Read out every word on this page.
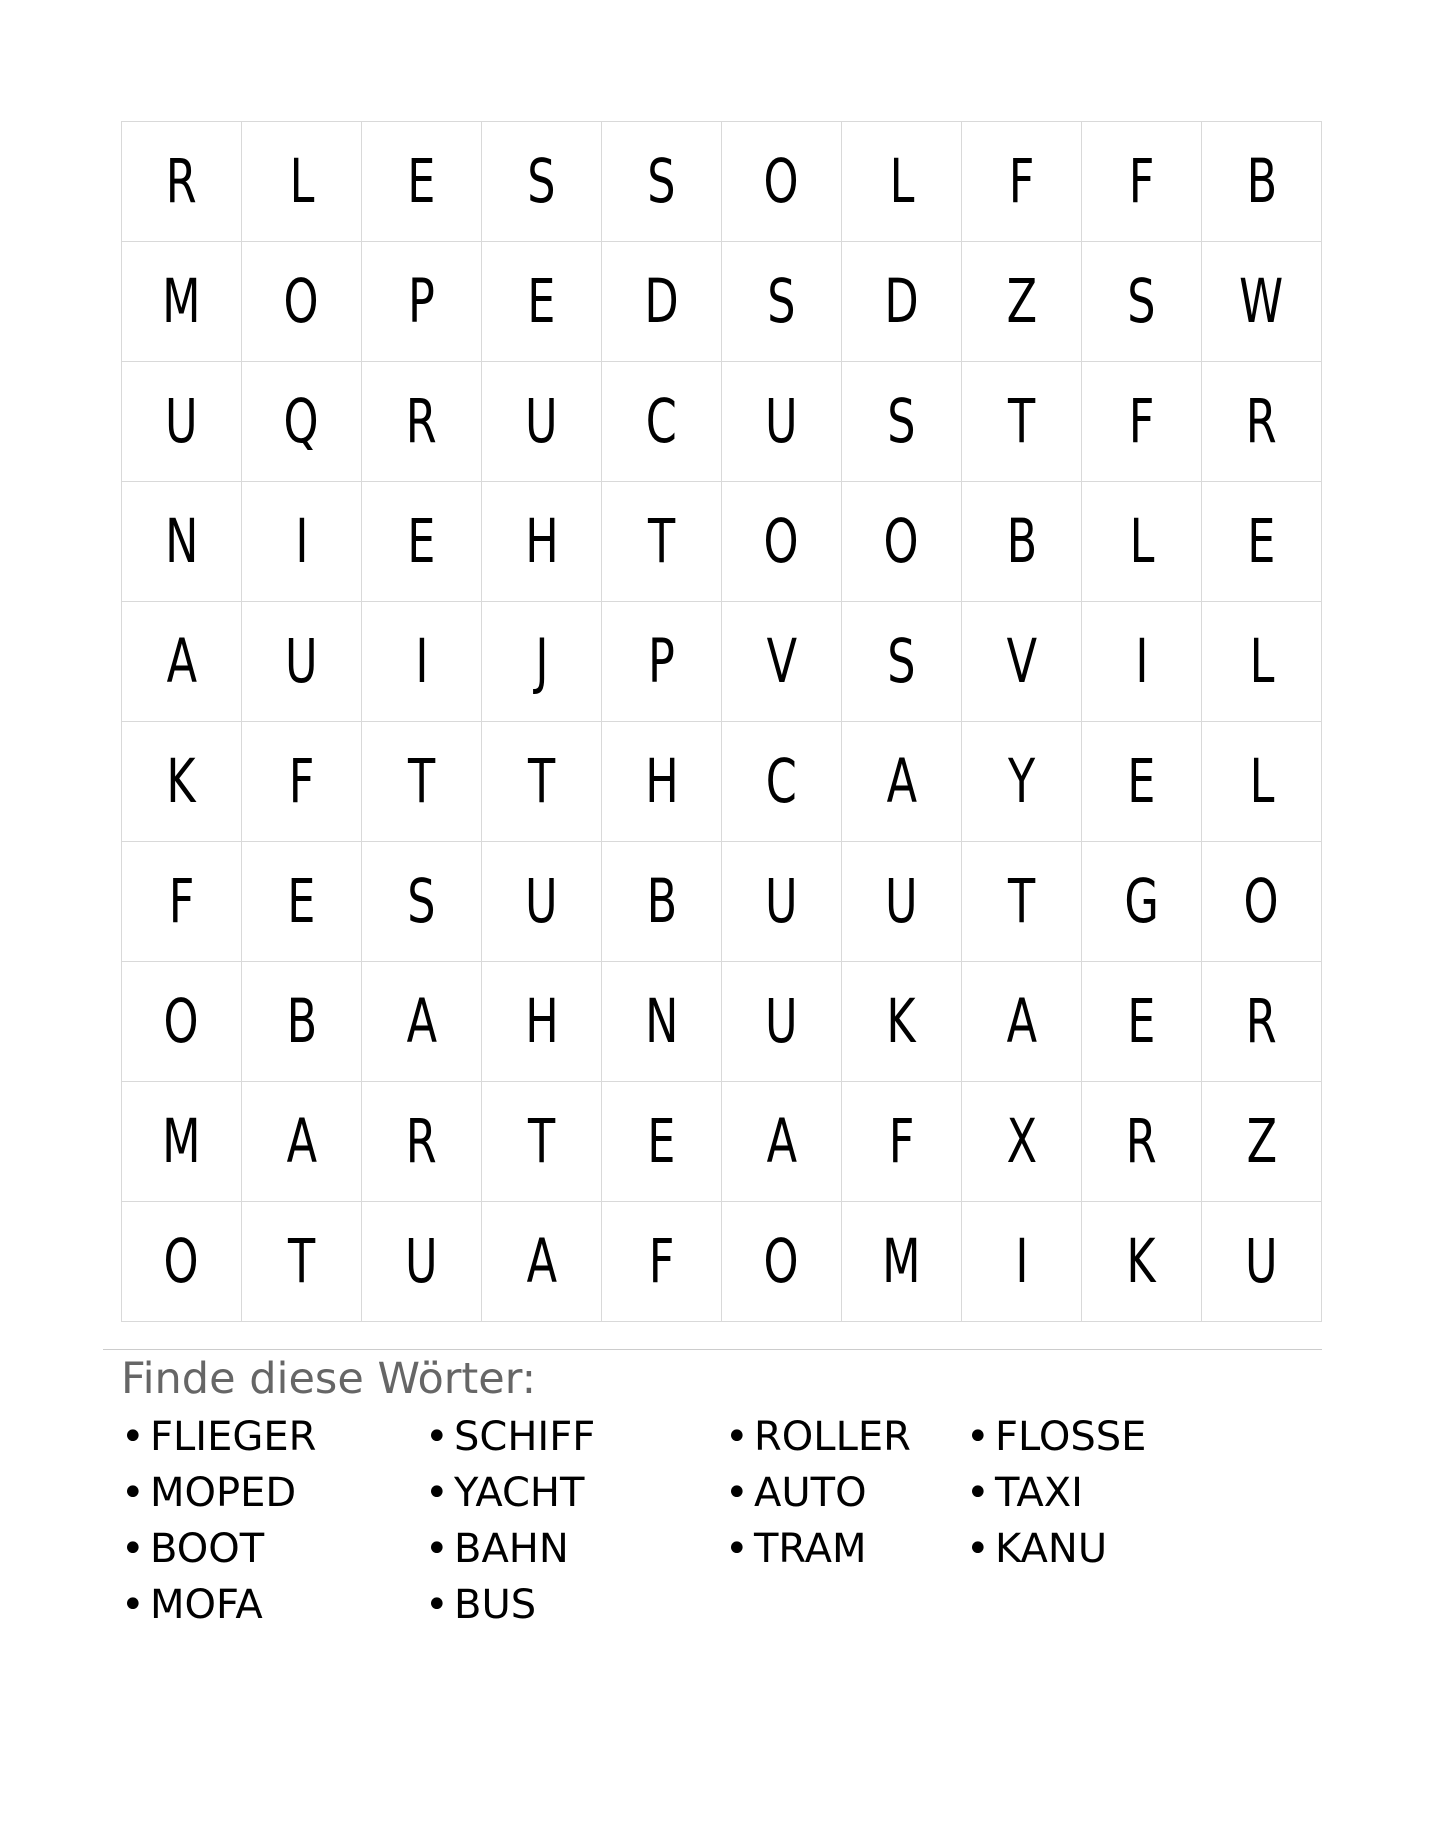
R L E S S O L F F B
M O P E D S D Z S W
U Q R U C U S T F R
N I E H T O O B L E
A U I J P V S V I L
K F T T H C A Y E L
F E S U B U U T G O
O B A H N U K A E R
M A R T E A F X R Z
O T U A F O M I K U
Finde diese Wörter:
• FLIEGER
• MOPED
• BOOT
• MOFA
• SCHIFF
• YACHT
• BAHN
• BUS
• ROLLER
• AUTO
• TRAM
• FLOSSE
• TAXI
• KANU
